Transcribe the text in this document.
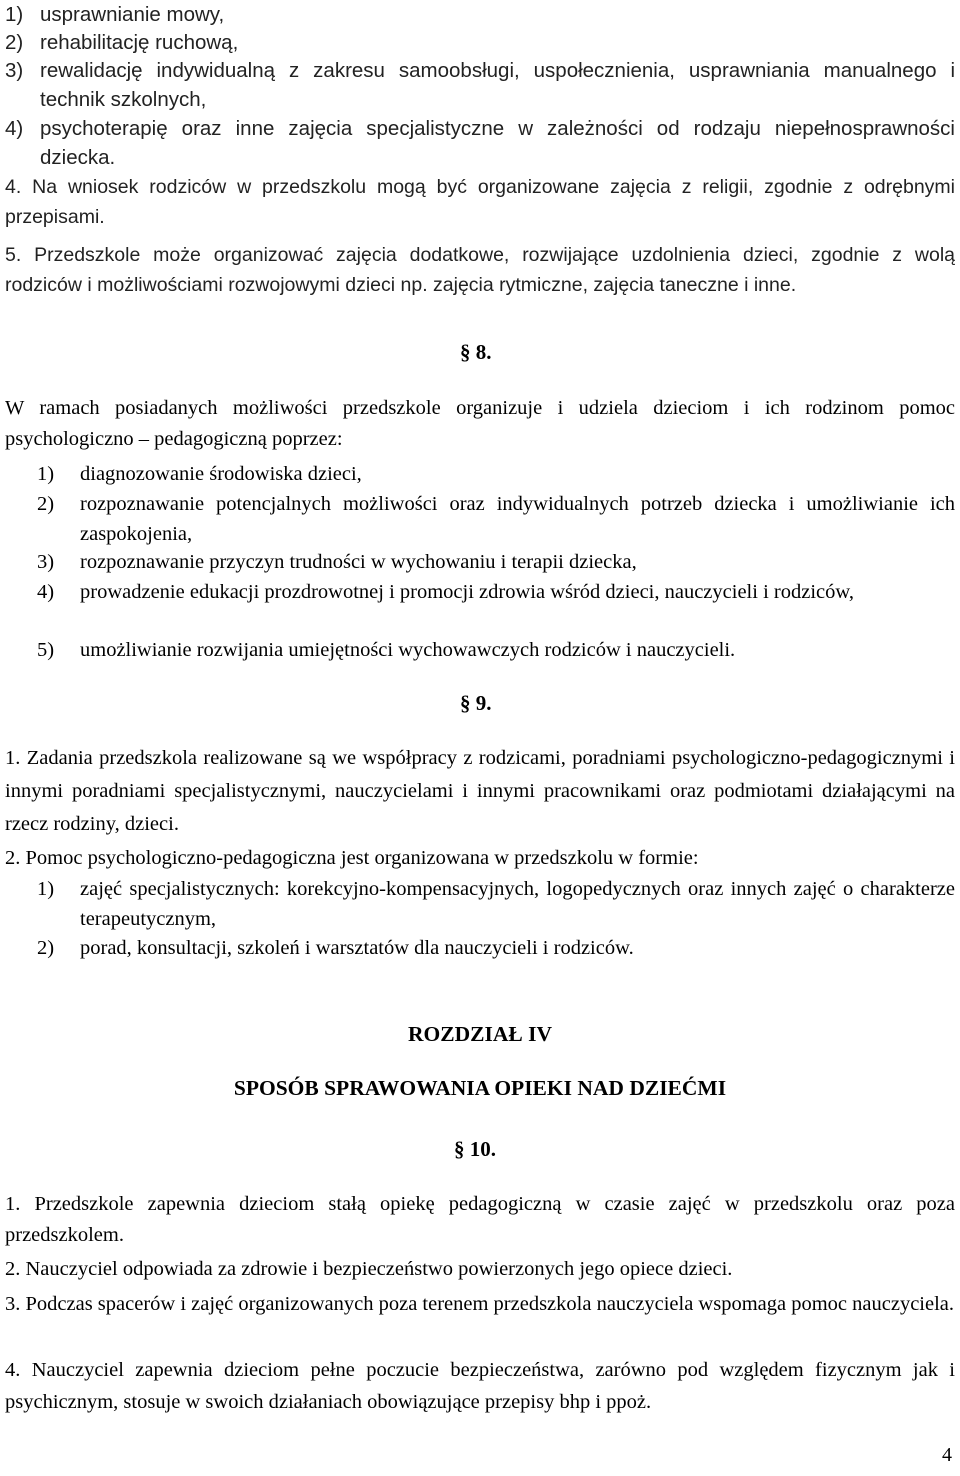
1) usprawnianie mowy,
2) rehabilitację ruchową,
3) rewalidację indywidualną z zakresu samoobsługi, uspołecznienia, usprawniania manualnego i technik szkolnych,
4) psychoterapię oraz inne zajęcia specjalistyczne w zależności od rodzaju niepełnosprawności dziecka.

4. Na wniosek rodziców w przedszkolu mogą być organizowane zajęcia z religii, zgodnie z odrębnymi przepisami.

5. Przedszkole może organizować zajęcia dodatkowe, rozwijające uzdolnienia dzieci, zgodnie z wolą rodziców i możliwościami rozwojowymi dzieci np. zajęcia rytmiczne, zajęcia taneczne i inne.

§ 8.

W ramach posiadanych możliwości przedszkole organizuje i udziela dzieciom i ich rodzinom pomoc psychologiczno – pedagogiczną poprzez:

1) diagnozowanie środowiska dzieci,
2) rozpoznawanie potencjalnych możliwości oraz indywidualnych potrzeb dziecka i umożliwianie ich zaspokojenia,
3) rozpoznawanie przyczyn trudności w wychowaniu i terapii dziecka,
4) prowadzenie edukacji prozdrowotnej i promocji zdrowia wśród dzieci, nauczycieli i rodziców,
5) umożliwianie rozwijania umiejętności wychowawczych rodziców i nauczycieli.
§ 9.

1. Zadania przedszkola realizowane są we współpracy z rodzicami, poradniami psychologiczno-pedagogicznymi i innymi poradniami specjalistycznymi, nauczycielami i innymi pracownikami oraz podmiotami działającymi na rzecz rodziny, dzieci.

2. Pomoc psychologiczno-pedagogiczna jest organizowana w przedszkolu w formie:

1) zajęć specjalistycznych: korekcyjno-kompensacyjnych, logopedycznych oraz innych zajęć o charakterze terapeutycznym,
2) porad, konsultacji, szkoleń i warsztatów dla nauczycieli i rodziców.
ROZDZIAŁ IV
SPOSÓB SPRAWOWANIA OPIEKI NAD DZIEĆMI
§ 10.

1. Przedszkole zapewnia dzieciom stałą opiekę pedagogiczną w czasie zajęć w przedszkolu oraz poza przedszkolem.

2. Nauczyciel odpowiada za zdrowie i bezpieczeństwo powierzonych jego opiece dzieci.

3. Podczas spacerów i zajęć organizowanych poza terenem przedszkola nauczyciela wspomaga pomoc nauczyciela.

4. Nauczyciel zapewnia dzieciom pełne poczucie bezpieczeństwa, zarówno pod względem fizycznym jak i psychicznym, stosuje w swoich działaniach obowiązujące przepisy bhp i ppoż.

4
